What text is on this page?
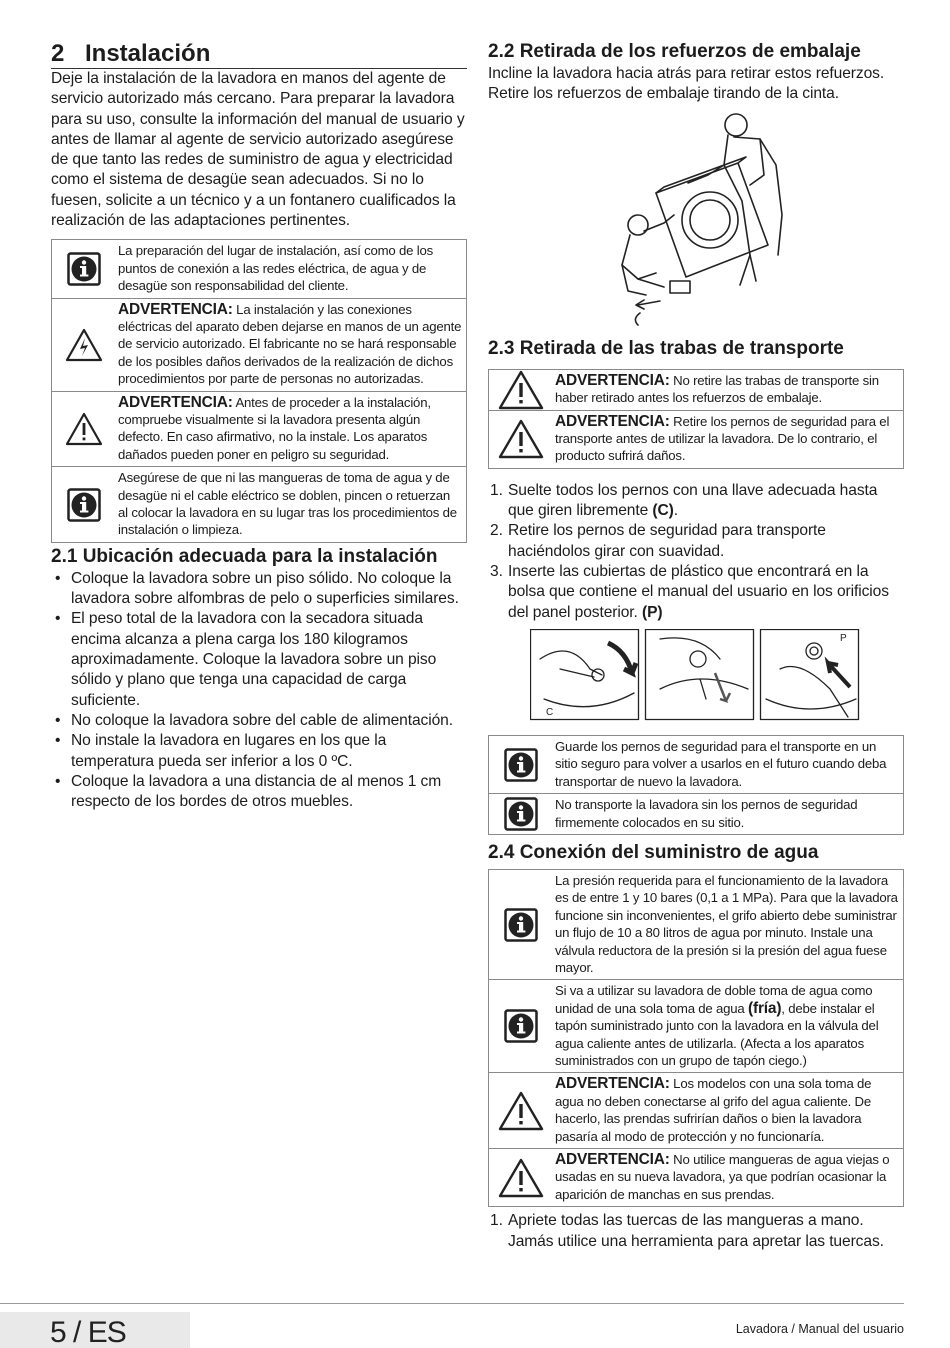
2 Instalación

Deje la instalación de la lavadora en manos del agente de servicio autorizado más cercano. Para preparar la lavadora para su uso, consulte la información del manual de usuario y antes de llamar al agente de servicio autorizado asegúrese de que tanto las redes de suministro de agua y electricidad como el sistema de desagüe sean adecuados. Si no lo fuesen, solicite a un técnico y a un fontanero cualificados la realización de las adaptaciones pertinentes.

La preparación del lugar de instalación, así como de los puntos de conexión a las redes eléctrica, de agua y de desagüe son responsabilidad del cliente.
ADVERTENCIA: La instalación y las conexiones eléctricas del aparato deben dejarse en manos de un agente de servicio autorizado. El fabricante no se hará responsable de los posibles daños derivados de la realización de dichos procedimientos por parte de personas no autorizadas.
ADVERTENCIA: Antes de proceder a la instalación, compruebe visualmente si la lavadora presenta algún defecto. En caso afirmativo, no la instale. Los aparatos dañados pueden poner en peligro su seguridad.
Asegúrese de que ni las mangueras de toma de agua y de desagüe ni el cable eléctrico se doblen, pincen o retuerzan al colocar la lavadora en su lugar tras los procedimientos de instalación o limpieza.
2.1 Ubicación adecuada para la instalación
• Coloque la lavadora sobre un piso sólido. No coloque la lavadora sobre alfombras de pelo o superficies similares.
• El peso total de la lavadora con la secadora situada encima alcanza a plena carga los 180 kilogramos aproximadamente. Coloque la lavadora sobre un piso sólido y plano que tenga una capacidad de carga suficiente.
• No coloque la lavadora sobre del cable de alimentación.
• No instale la lavadora en lugares en los que la temperatura pueda ser inferior a los 0 ºC.
• Coloque la lavadora a una distancia de al menos 1 cm respecto de los bordes de otros muebles.
2.2 Retirada de los refuerzos de embalaje

Incline la lavadora hacia atrás para retirar estos refuerzos. Retire los refuerzos de embalaje tirando de la cinta.

2.3 Retirada de las trabas de transporte
ADVERTENCIA: No retire las trabas de transporte sin haber retirado antes los refuerzos de embalaje.
ADVERTENCIA: Retire los pernos de seguridad para el transporte antes de utilizar la lavadora. De lo contrario, el producto sufrirá daños.
1. Suelte todos los pernos con una llave adecuada hasta que giren libremente (C).
2. Retire los pernos de seguridad para transporte haciéndolos girar con suavidad.
3. Inserte las cubiertas de plástico que encontrará en la bolsa que contiene el manual del usuario en los orificios del panel posterior. (P)
C
P
Guarde los pernos de seguridad para el transporte en un sitio seguro para volver a usarlos en el futuro cuando deba transportar de nuevo la lavadora.
No transporte la lavadora sin los pernos de seguridad firmemente colocados en su sitio.
2.4 Conexión del suministro de agua
La presión requerida para el funcionamiento de la lavadora es de entre 1 y 10 bares (0,1 a 1 MPa). Para que la lavadora funcione sin inconvenientes, el grifo abierto debe suministrar un flujo de 10 a 80 litros de agua por minuto. Instale una válvula reductora de la presión si la presión del agua fuese mayor.
Si va a utilizar su lavadora de doble toma de agua como unidad de una sola toma de agua (fría), debe instalar el tapón suministrado junto con la lavadora en la válvula del agua caliente antes de utilizarla. (Afecta a los aparatos suministrados con un grupo de tapón ciego.)
ADVERTENCIA: Los modelos con una sola toma de agua no deben conectarse al grifo del agua caliente. De hacerlo, las prendas sufrirían daños o bien la lavadora pasaría al modo de protección y no funcionaría.
ADVERTENCIA: No utilice mangueras de agua viejas o usadas en su nueva lavadora, ya que podrían ocasionar la aparición de manchas en sus prendas.
1. Apriete todas las tuercas de las mangueras a mano. Jamás utilice una herramienta para apretar las tuercas.
5 / ES	Lavadora / Manual del usuario
